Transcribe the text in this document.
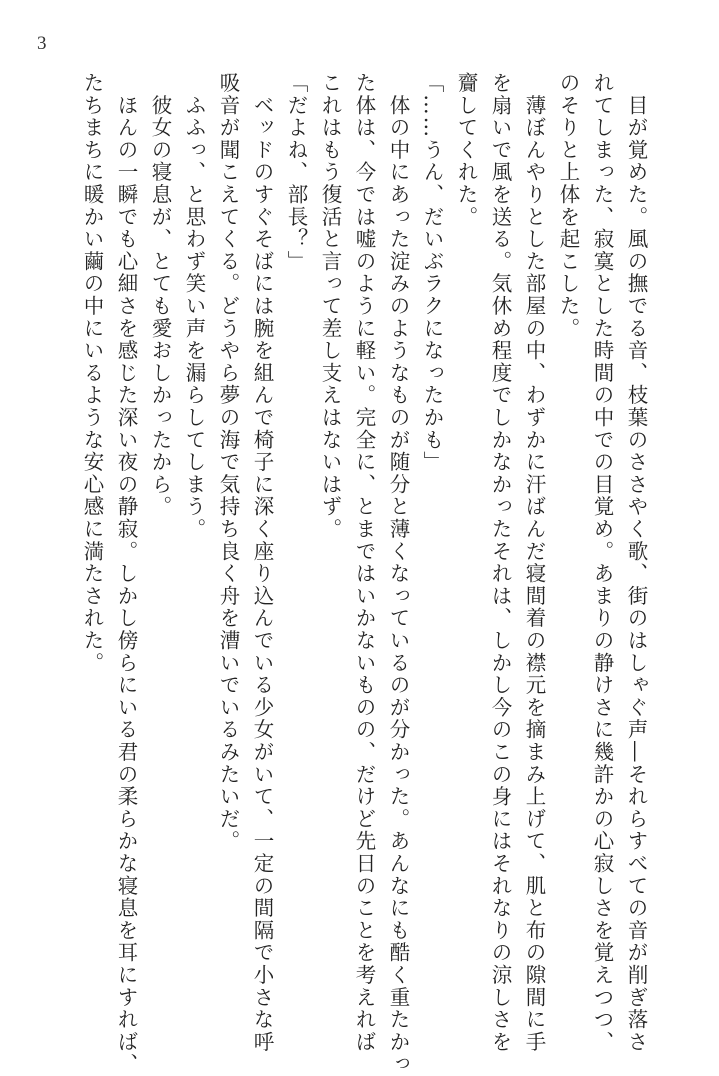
3
　目が覚めた。風の撫でる音、枝葉のささやく歌、街のはしゃぐ声―それらすべての音が削ぎ落さ
れてしまった、寂寞とした時間の中での目覚め。あまりの静けさに幾許かの心寂しさを覚えつつ、
のそりと上体を起こした。
　薄ぼんやりとした部屋の中、わずかに汗ばんだ寝間着の襟元を摘まみ上げて、肌と布の隙間に手
を扇いで風を送る。気休め程度でしかなかったそれは、しかし今のこの身にはそれなりの涼しさを
齎してくれた。
「……うん、だいぶラクになったかも」
　体の中にあった淀みのようなものが随分と薄くなっているのが分かった。あんなにも酷く重たかっ
た体は、今では嘘のように軽い。完全に、とまではいかないものの、だけど先日のことを考えれば
これはもう復活と言って差し支えはないはず。
「だよね、部長？」
　ベッドのすぐそばには腕を組んで椅子に深く座り込んでいる少女がいて、一定の間隔で小さな呼
吸音が聞こえてくる。どうやら夢の海で気持ち良く舟を漕いでいるみたいだ。
　ふふっ、と思わず笑い声を漏らしてしまう。
　彼女の寝息が、とても愛おしかったから。
　ほんの一瞬でも心細さを感じた深い夜の静寂。しかし傍らにいる君の柔らかな寝息を耳にすれば、
たちまちに暖かい繭の中にいるような安心感に満たされた。
